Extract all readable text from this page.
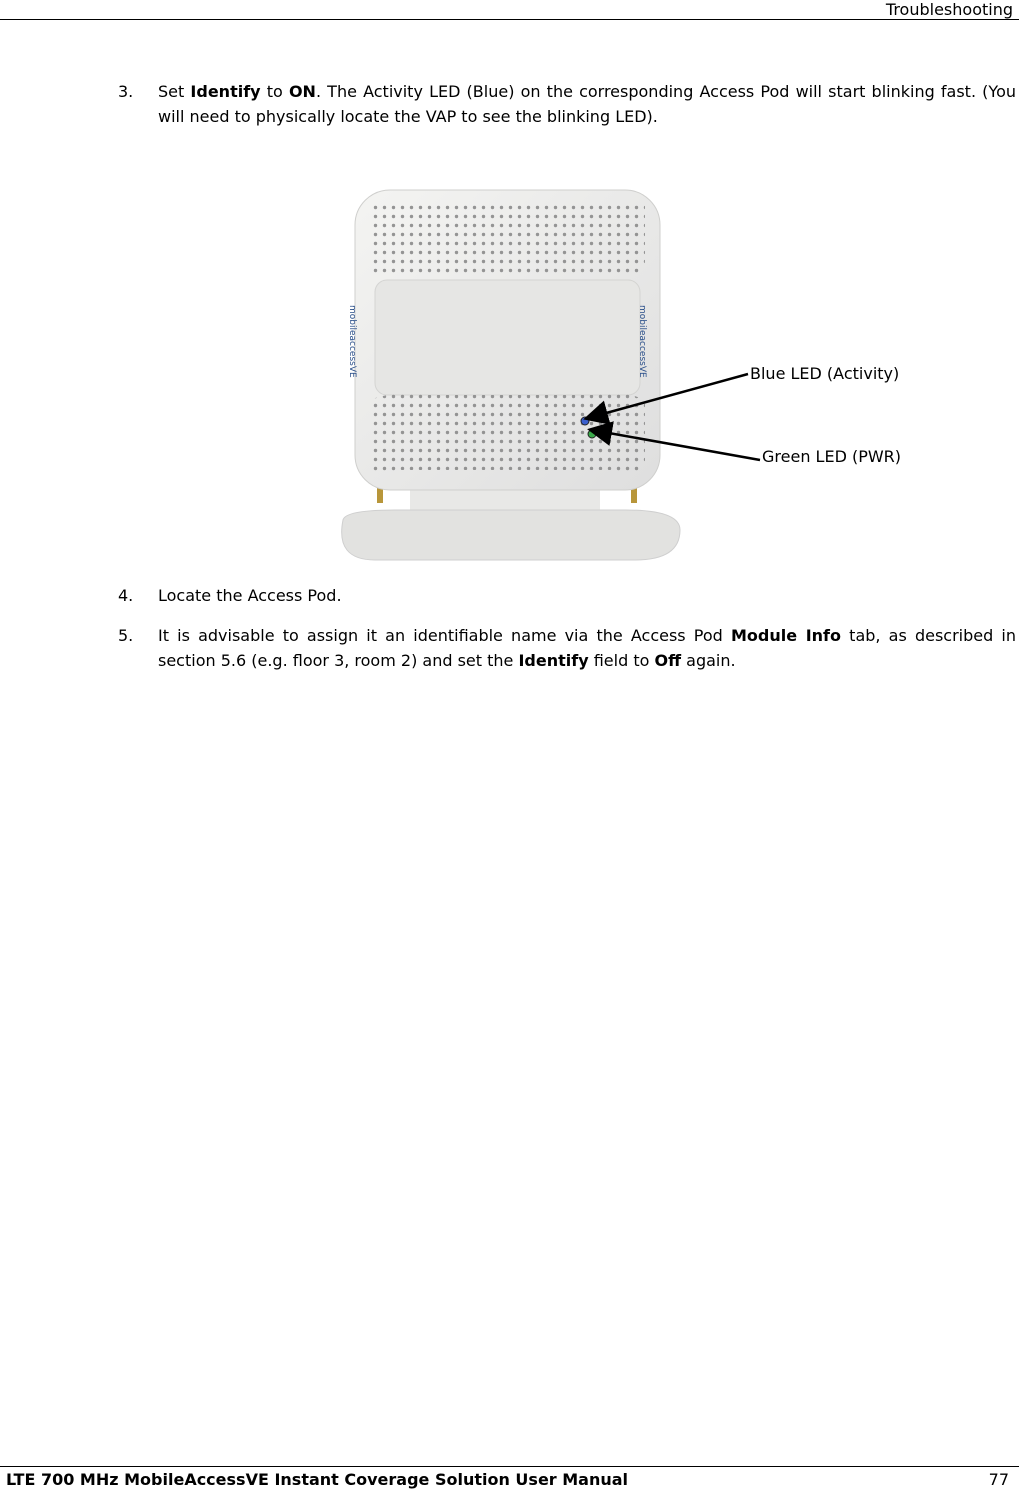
Troubleshooting
3. Set Identify to ON. The Activity LED (Blue) on the corresponding Access Pod will start blinking fast. (You will need to physically locate the VAP to see the blinking LED).
mobileaccessVE	mobileaccessVE	Blue LED (Activity)
Green LED (PWR)
4. Locate the Access Pod.
5. It is advisable to assign it an identifiable name via the Access Pod Module Info tab, as described in section 5.6 (e.g. floor 3, room 2) and set the Identify field to Off again.
LTE 700 MHz MobileAccessVE Instant Coverage Solution User Manual	77
